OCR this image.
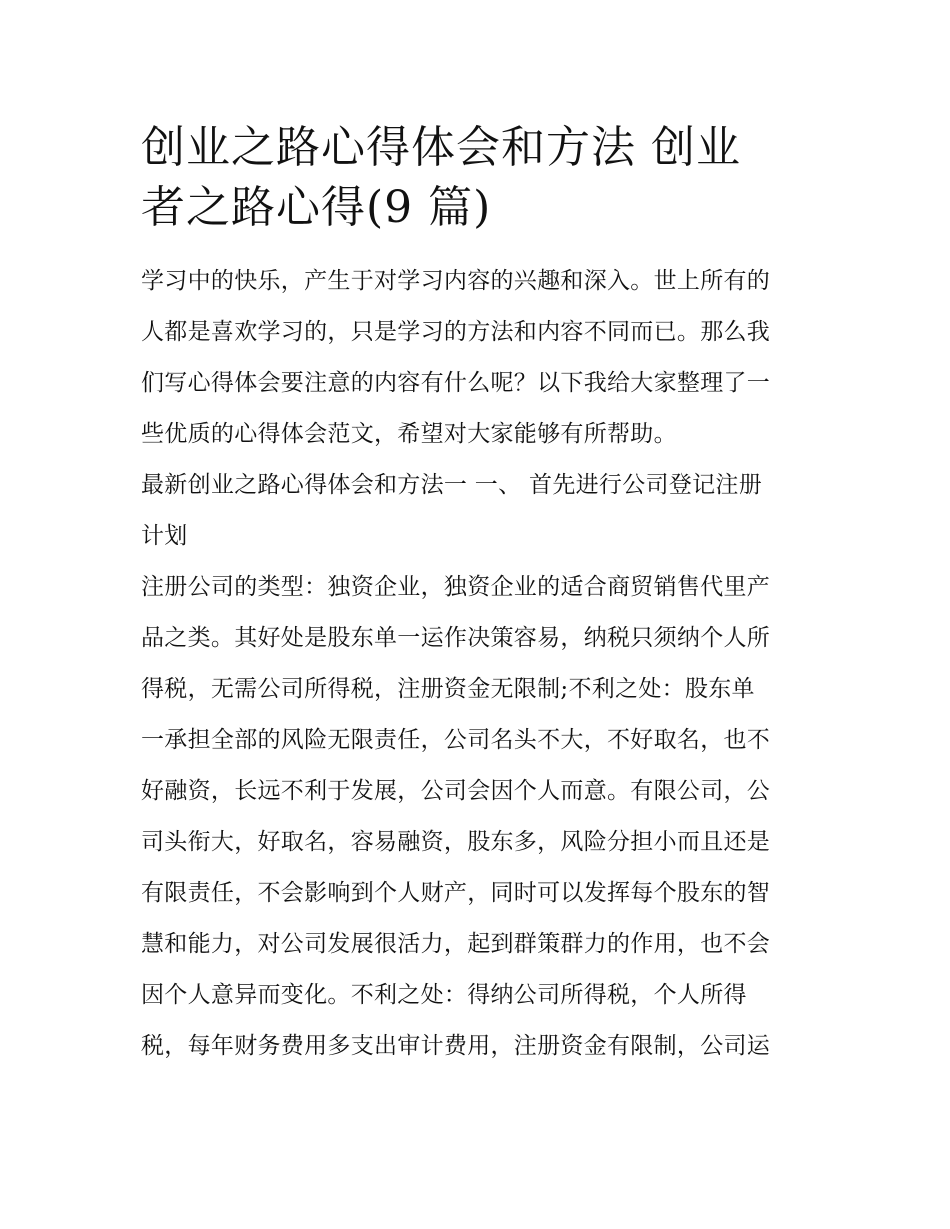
创业之路心得体会和方法 创业
者之路心得(9 篇)

学习中的快乐，产生于对学习内容的兴趣和深入。世上所有的

人都是喜欢学习的，只是学习的方法和内容不同而已。那么我

们写心得体会要注意的内容有什么呢？以下我给大家整理了一

些优质的心得体会范文，希望对大家能够有所帮助。

最新创业之路心得体会和方法一 一、 首先进行公司登记注册

计划

注册公司的类型：独资企业，独资企业的适合商贸销售代里产

品之类。其好处是股东单一运作决策容易，纳税只须纳个人所

得税，无需公司所得税，注册资金无限制;不利之处：股东单

一承担全部的风险无限责任，公司名头不大，不好取名，也不

好融资，长远不利于发展，公司会因个人而意。有限公司，公

司头衔大，好取名，容易融资，股东多，风险分担小而且还是

有限责任，不会影响到个人财产，同时可以发挥每个股东的智

慧和能力，对公司发展很活力，起到群策群力的作用，也不会

因个人意异而变化。不利之处：得纳公司所得税，个人所得

税，每年财务费用多支出审计费用，注册资金有限制，公司运
